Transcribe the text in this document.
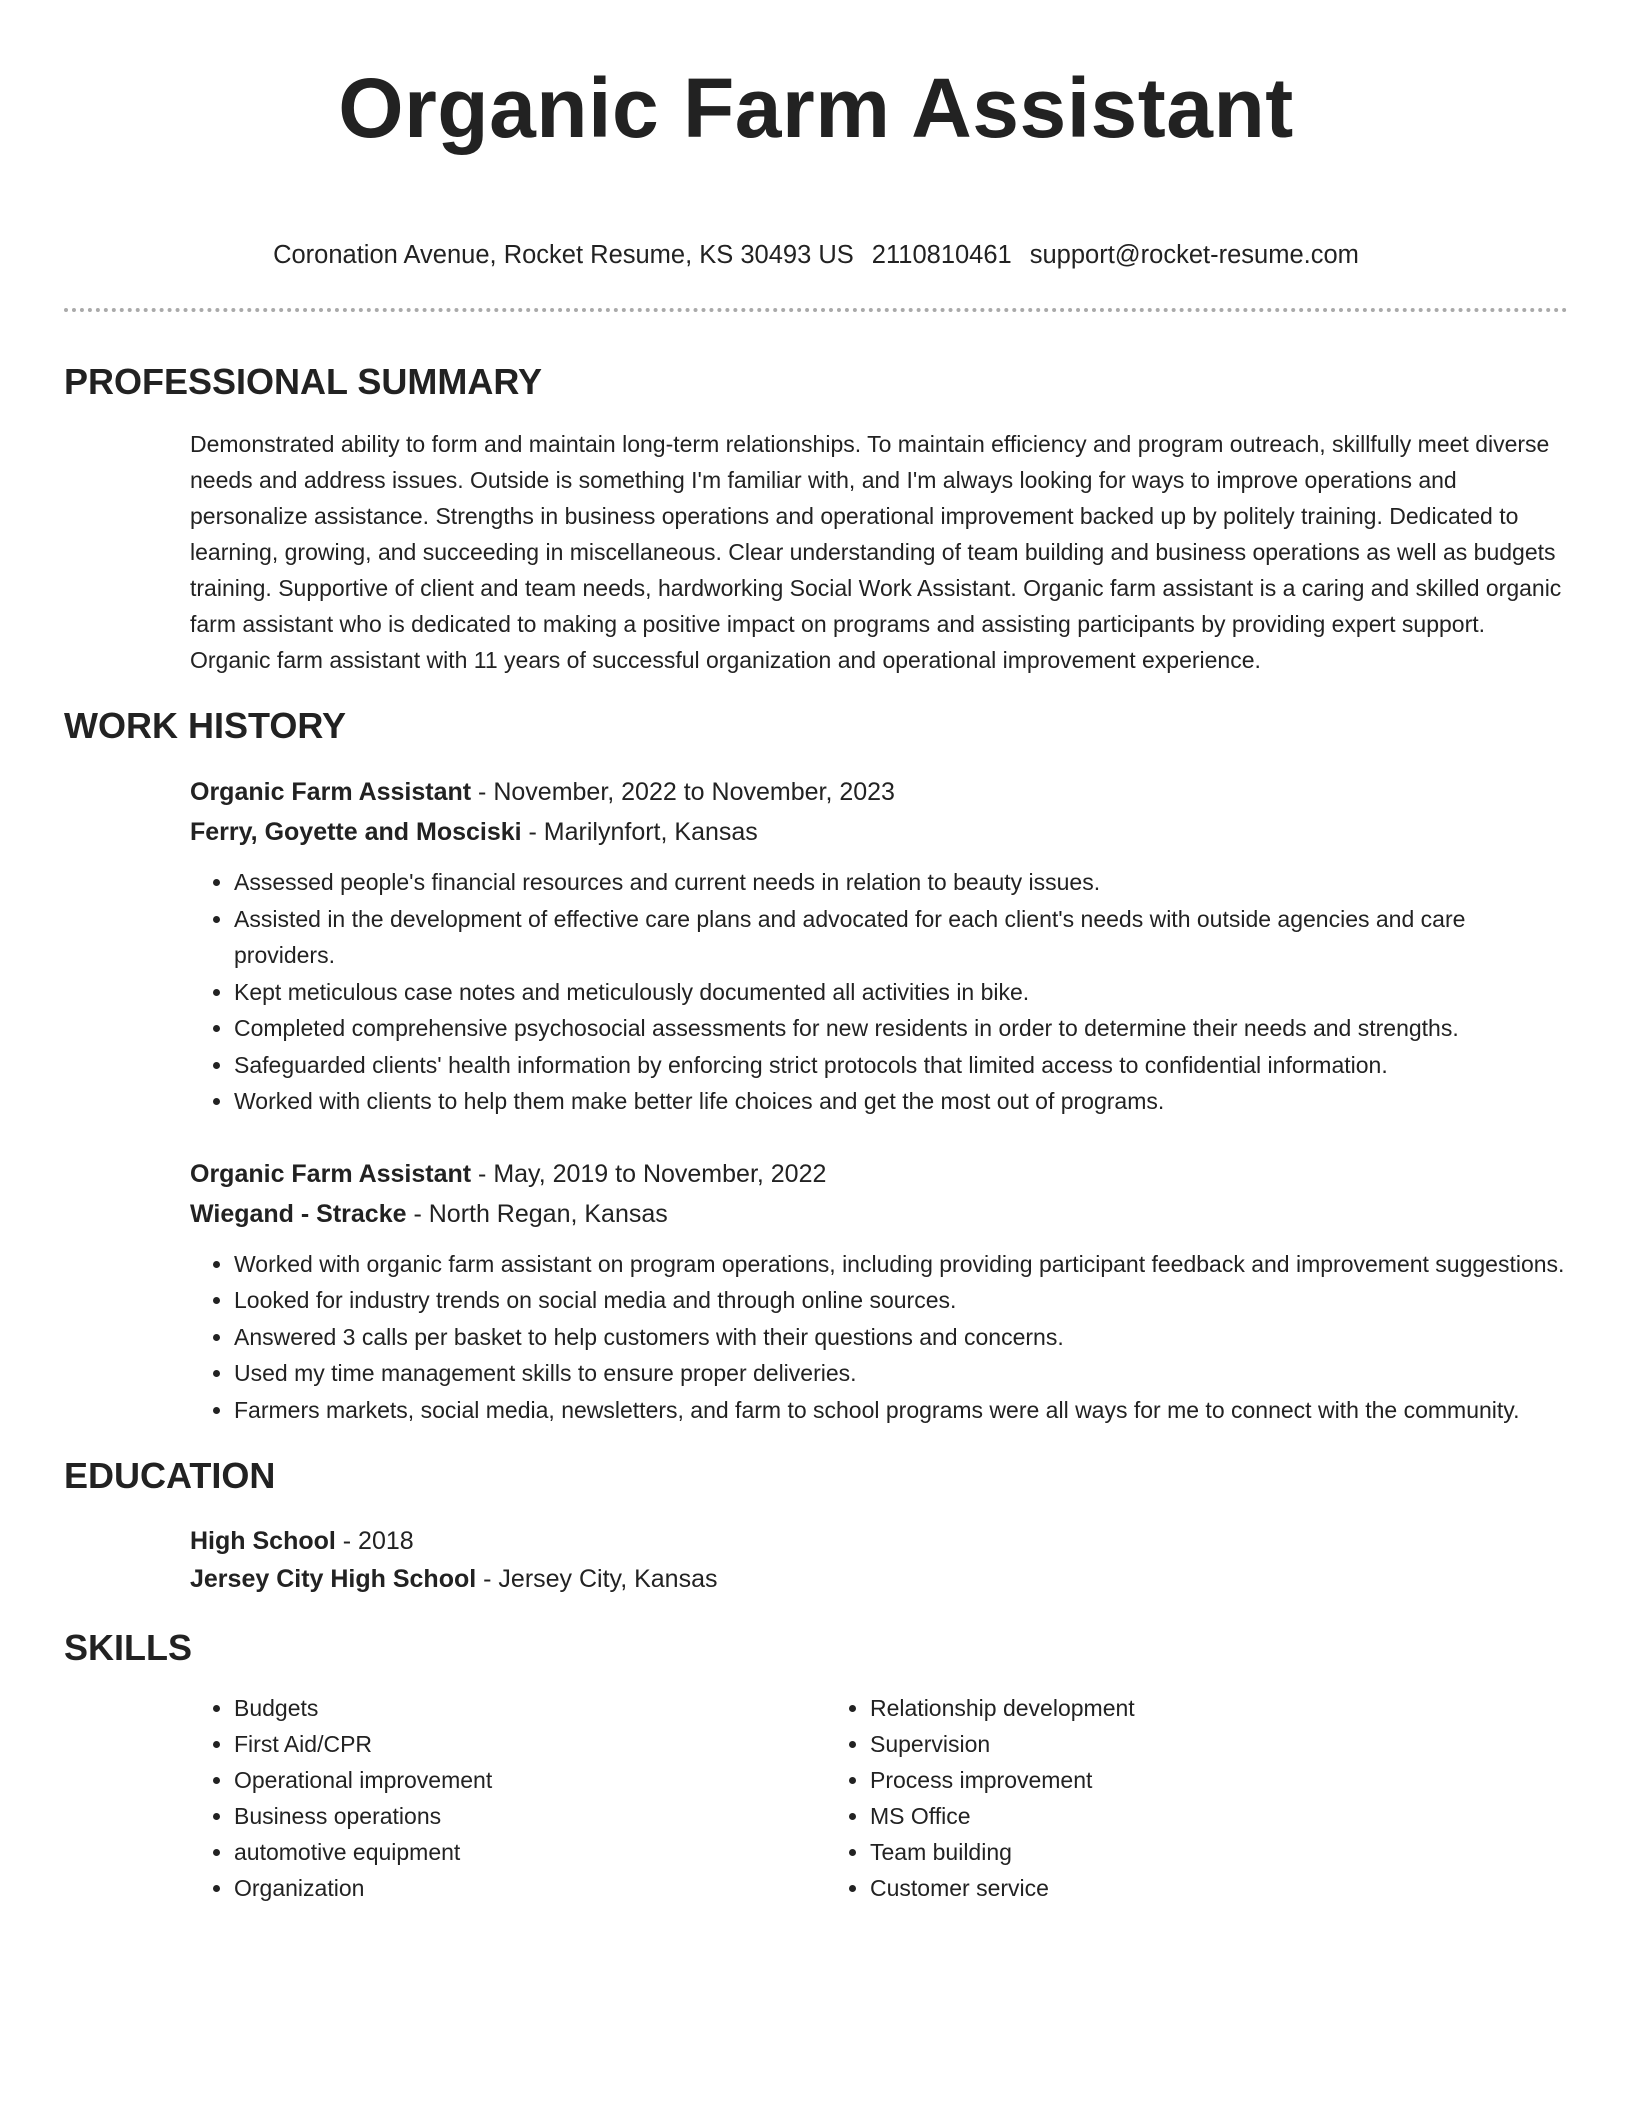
Organic Farm Assistant
Coronation Avenue, Rocket Resume, KS 30493 US 2110810461 support@rocket-resume.com
PROFESSIONAL SUMMARY

Demonstrated ability to form and maintain long-term relationships. To maintain efficiency and program outreach, skillfully meet diverse needs and address issues. Outside is something I'm familiar with, and I'm always looking for ways to improve operations and personalize assistance. Strengths in business operations and operational improvement backed up by politely training. Dedicated to learning, growing, and succeeding in miscellaneous. Clear understanding of team building and business operations as well as budgets training. Supportive of client and team needs, hardworking Social Work Assistant. Organic farm assistant is a caring and skilled organic farm assistant who is dedicated to making a positive impact on programs and assisting participants by providing expert support. Organic farm assistant with 11 years of successful organization and operational improvement experience.

WORK HISTORY
Organic Farm Assistant - November, 2022 to November, 2023
Ferry, Goyette and Mosciski - Marilynfort, Kansas
• Assessed people's financial resources and current needs in relation to beauty issues.
• Assisted in the development of effective care plans and advocated for each client's needs with outside agencies and care providers.
• Kept meticulous case notes and meticulously documented all activities in bike.
• Completed comprehensive psychosocial assessments for new residents in order to determine their needs and strengths.
• Safeguarded clients' health information by enforcing strict protocols that limited access to confidential information.
• Worked with clients to help them make better life choices and get the most out of programs.
Organic Farm Assistant - May, 2019 to November, 2022
Wiegand - Stracke - North Regan, Kansas
• Worked with organic farm assistant on program operations, including providing participant feedback and improvement suggestions.
• Looked for industry trends on social media and through online sources.
• Answered 3 calls per basket to help customers with their questions and concerns.
• Used my time management skills to ensure proper deliveries.
• Farmers markets, social media, newsletters, and farm to school programs were all ways for me to connect with the community.
EDUCATION
High School - 2018
Jersey City High School - Jersey City, Kansas
SKILLS
• Budgets
• First Aid/CPR
• Operational improvement
• Business operations
• automotive equipment
• Organization
• Relationship development
• Supervision
• Process improvement
• MS Office
• Team building
• Customer service
